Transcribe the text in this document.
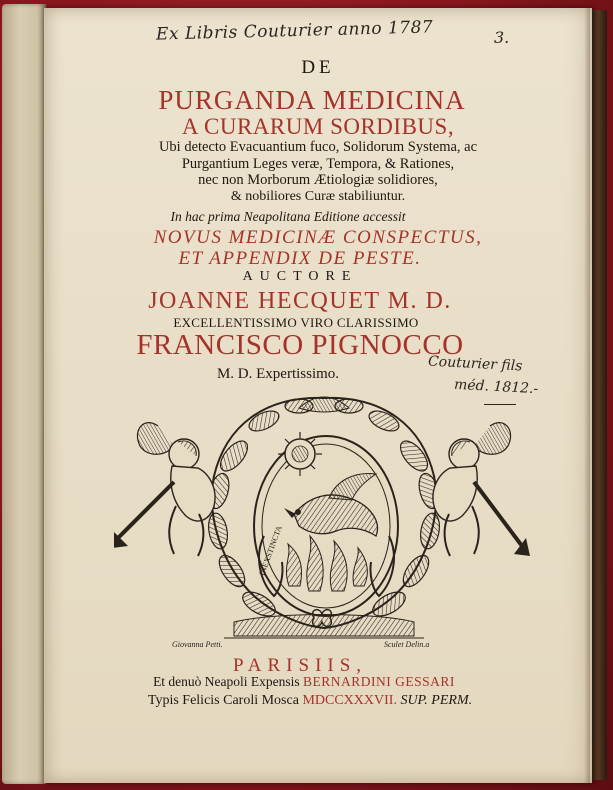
Ex Libris Couturier anno 1787	3.
Couturier fils
méd. 1812.-
DE
PURGANDA MEDICINA
A CURARUM SORDIBUS,
Ubi detecto Evacuantium fuco, Solidorum Systema, ac
Purgantium Leges veræ, Tempora, & Rationes,
nec non Morborum Ætiologiæ solidiores,
& nobiliores Curæ stabiliuntur.
In hac prima Neapolitana Editione accessit
NOVUS MEDICINÆ CONSPECTUS,
ET APPENDIX DE PESTE.
AUCTORE
JOANNE HECQUET M. D.
EXCELLENTISSIMO VIRO CLARISSIMO
FRANCISCO PIGNOCCO
M. D. Expertissimo.
INEXSTINCTA
Giovanna Petti.	Sculet Delin.a
PARISIIS,
Et denuò Neapoli Expensis BERNARDINI GESSARI
Typis Felicis Caroli Mosca MDCCXXXVII. SUP. PERM.
